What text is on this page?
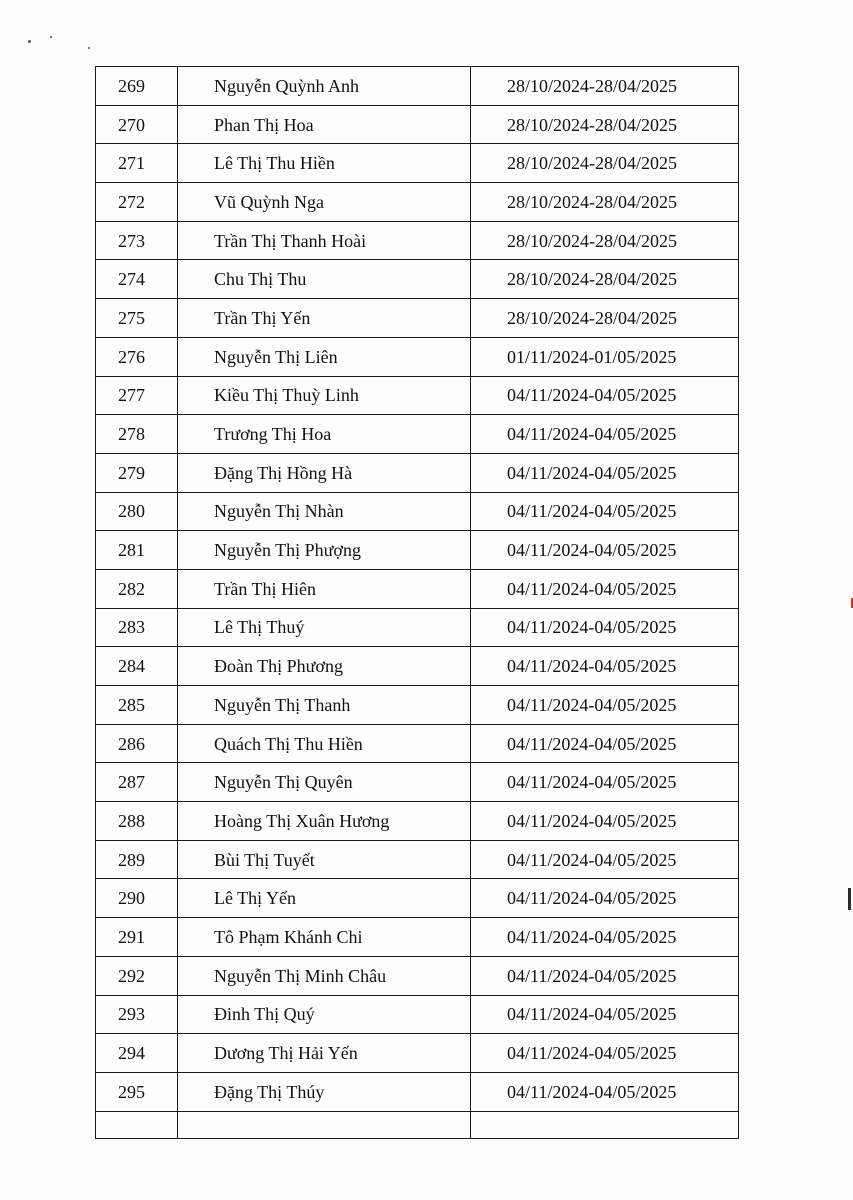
269	Nguyễn Quỳnh Anh	28/10/2024-28/04/2025
270	Phan Thị Hoa	28/10/2024-28/04/2025
271	Lê Thị Thu Hiền	28/10/2024-28/04/2025
272	Vũ Quỳnh Nga	28/10/2024-28/04/2025
273	Trần Thị Thanh Hoài	28/10/2024-28/04/2025
274	Chu Thị Thu	28/10/2024-28/04/2025
275	Trần Thị Yến	28/10/2024-28/04/2025
276	Nguyễn Thị Liên	01/11/2024-01/05/2025
277	Kiều Thị Thuỳ Linh	04/11/2024-04/05/2025
278	Trương Thị Hoa	04/11/2024-04/05/2025
279	Đặng Thị Hồng Hà	04/11/2024-04/05/2025
280	Nguyễn Thị Nhàn	04/11/2024-04/05/2025
281	Nguyễn Thị Phượng	04/11/2024-04/05/2025
282	Trần Thị Hiên	04/11/2024-04/05/2025
283	Lê Thị Thuý	04/11/2024-04/05/2025
284	Đoàn Thị Phương	04/11/2024-04/05/2025
285	Nguyễn Thị Thanh	04/11/2024-04/05/2025
286	Quách Thị Thu Hiền	04/11/2024-04/05/2025
287	Nguyễn Thị Quyên	04/11/2024-04/05/2025
288	Hoàng Thị Xuân Hương	04/11/2024-04/05/2025
289	Bùi Thị Tuyết	04/11/2024-04/05/2025
290	Lê Thị Yến	04/11/2024-04/05/2025
291	Tô Phạm Khánh Chi	04/11/2024-04/05/2025
292	Nguyễn Thị Minh Châu	04/11/2024-04/05/2025
293	Đinh Thị Quý	04/11/2024-04/05/2025
294	Dương Thị Hải Yến	04/11/2024-04/05/2025
295	Đặng Thị Thúy	04/11/2024-04/05/2025
